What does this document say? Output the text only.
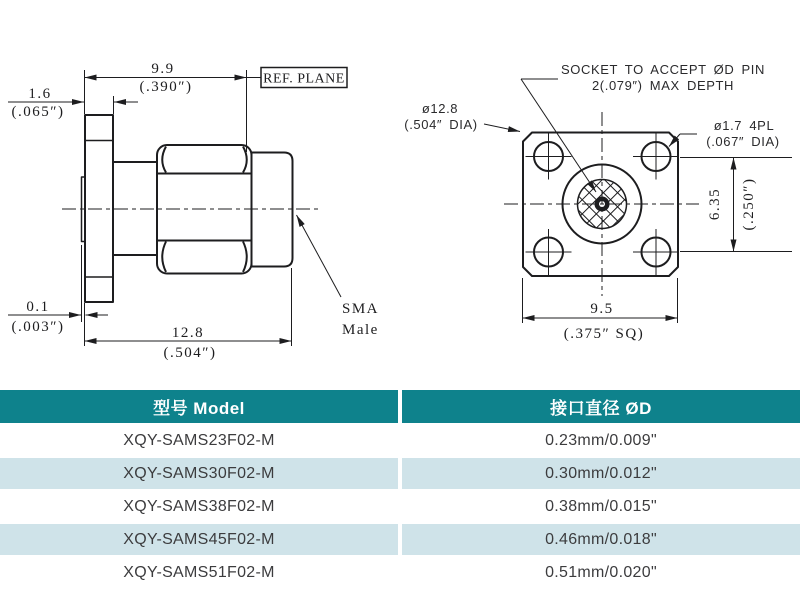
9.9
(.390″)
1.6
(.065″)
0.1
(.003″)	12.8
(.504″)
REF. PLANE
SMA
Male
SOCKET TO ACCEPT ØD PIN
2(.079″) MAX DEPTH
ø12.8
(.504″ DIA)	ø1.7 4PL
(.067″ DIA)
6.35 (.250″)
9.5
(.375″ SQ)
型号 Model	接口直径 ØD
XQY-SAMS23F02-M	0.23mm/0.009"
XQY-SAMS30F02-M	0.30mm/0.012"
XQY-SAMS38F02-M	0.38mm/0.015"
XQY-SAMS45F02-M	0.46mm/0.018"
XQY-SAMS51F02-M	0.51mm/0.020"
